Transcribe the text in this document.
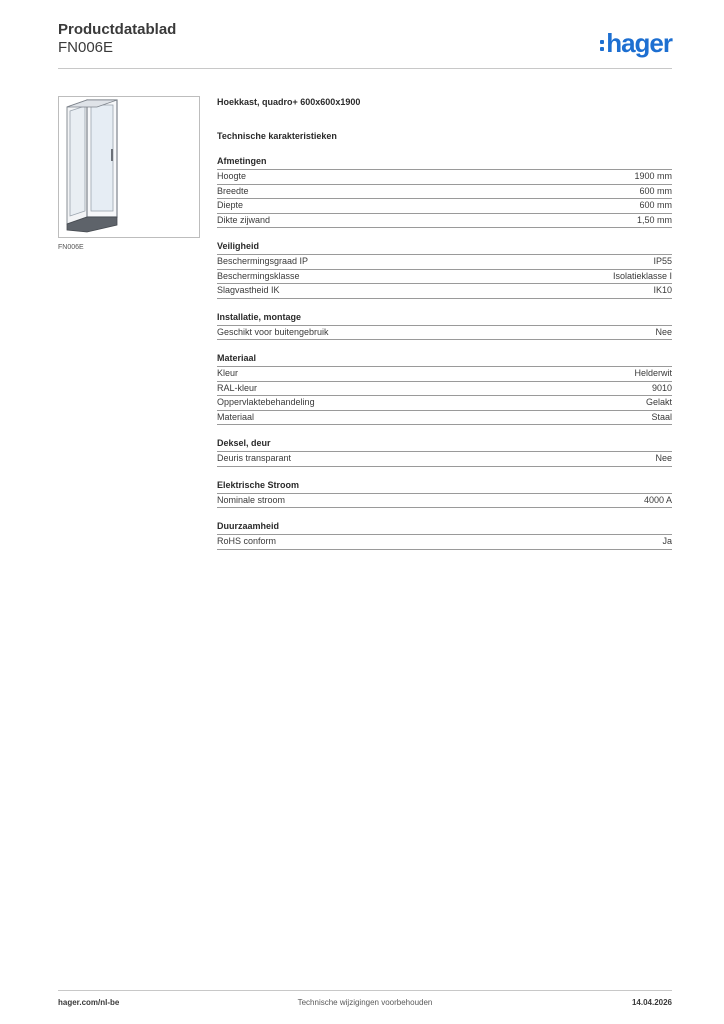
Productdatablad
FN006E	hager
FN006E
Hoekkast, quadro+ 600x600x1900
Technische karakteristieken
Afmetingen
Hoogte	1900 mm
Breedte	600 mm
Diepte	600 mm
Dikte zijwand	1,50 mm
Veiligheid
Beschermingsgraad IP	IP55
Beschermingsklasse	Isolatieklasse I
Slagvastheid IK	IK10
Installatie, montage
Geschikt voor buitengebruik	Nee
Materiaal
Kleur	Helderwit
RAL-kleur	9010
Oppervlaktebehandeling	Gelakt
Materiaal	Staal
Deksel, deur
Deuris transparant	Nee
Elektrische Stroom
Nominale stroom	4000 A
Duurzaamheid
RoHS conform	Ja
hager.com/nl-be	Technische wijzigingen voorbehouden	14.04.2026
